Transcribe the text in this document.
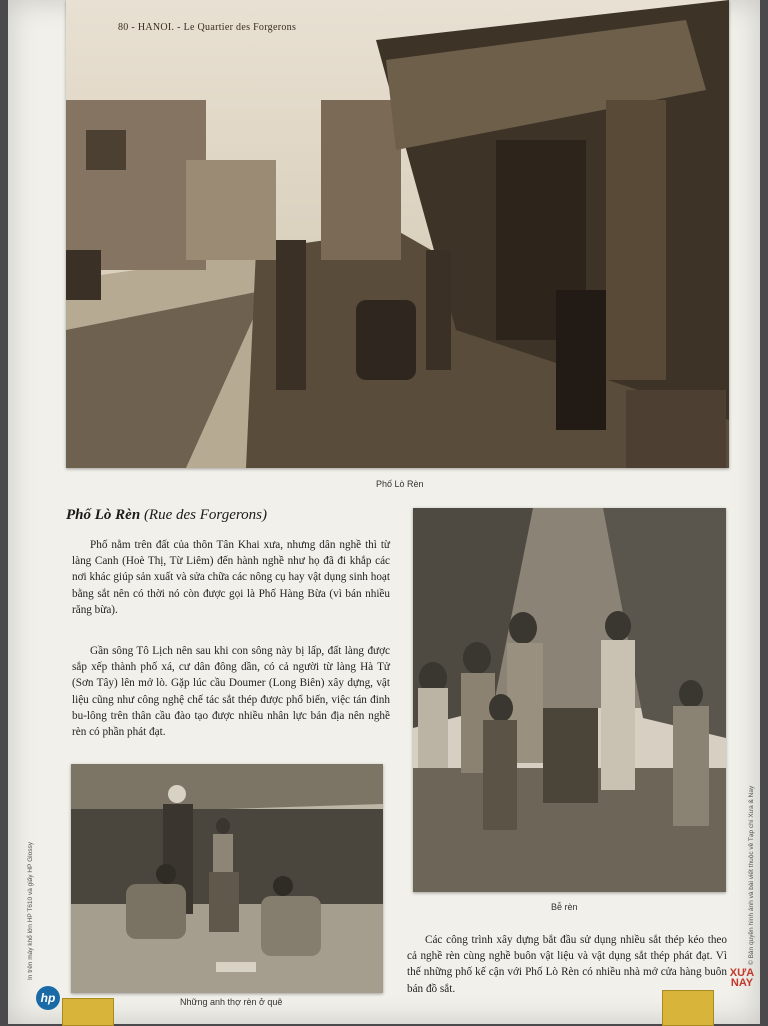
80 - HANOI. - Le Quartier des Forgerons
Phố Lò Rèn
Phố Lò Rèn (Rue des Forgerons)

Phố nằm trên đất của thôn Tân Khai xưa, nhưng dân nghề thì từ làng Canh (Hoè Thị, Từ Liêm) đến hành nghề như họ đã đi khắp các nơi khác giúp sản xuất và sửa chữa các nông cụ hay vật dụng sinh hoạt bằng sắt nên có thời nó còn được gọi là Phố Hàng Bừa (vì bán nhiều răng bừa).

Gần sông Tô Lịch nên sau khi con sông này bị lấp, đất làng được sắp xếp thành phố xá, cư dân đông dần, có cả người từ làng Hà Tử (Sơn Tây) lên mở lò. Gặp lúc cầu Doumer (Long Biên) xây dựng, vật liệu cũng như công nghệ chế tác sắt thép được phổ biến, việc tán đinh bu-lông trên thân cầu đào tạo được nhiều nhân lực bản địa nên nghề rèn có phần phát đạt.

Bễ rèn
Những anh thợ rèn ở quê

Các công trình xây dựng bắt đầu sử dụng nhiều sắt thép kéo theo cả nghề rèn cùng nghề buôn vật liệu và vật dụng sắt thép phát đạt. Vì thế những phố kế cận với Phố Lò Rèn có nhiều nhà mở cửa hàng buôn bán đồ sắt.

In trên máy khổ lớn HP T610 và giấy HP Glossy	© Bản quyền hình ảnh và bài viết thuộc về Tạp chí Xưa & Nay
hp
XƯA
NAY
